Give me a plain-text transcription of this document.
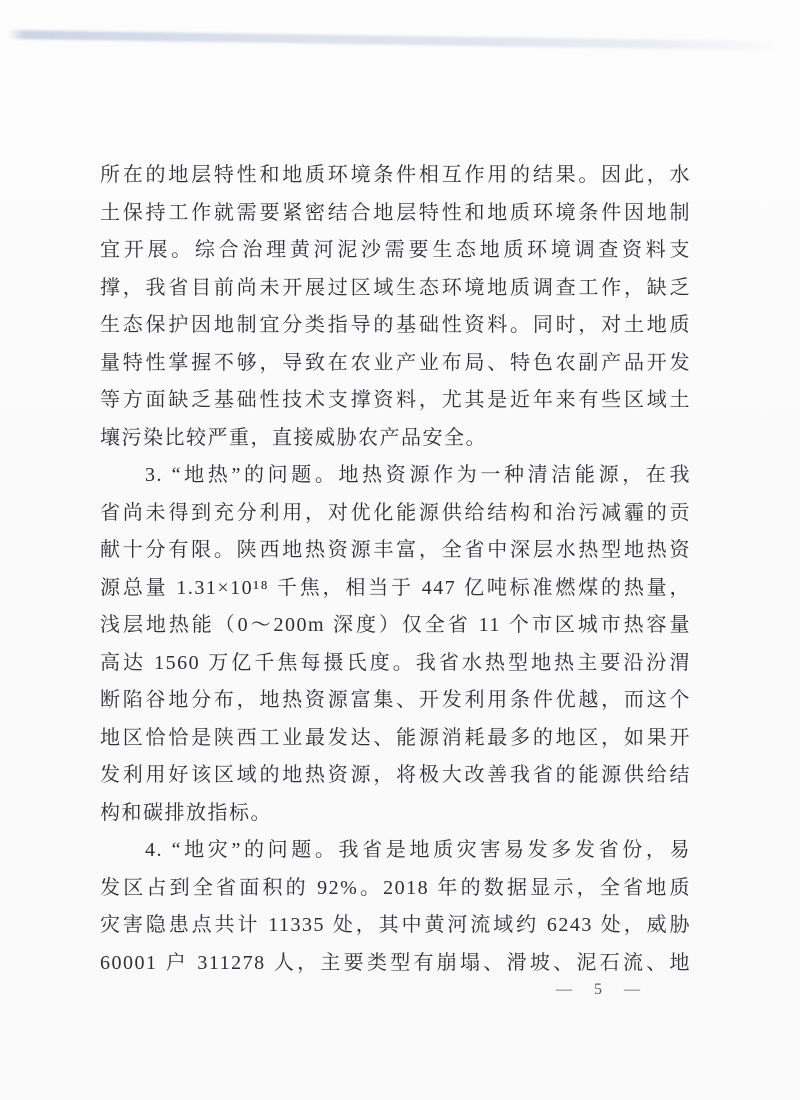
所在的地层特性和地质环境条件相互作用的结果。因此，水
土保持工作就需要紧密结合地层特性和地质环境条件因地制
宜开展。综合治理黄河泥沙需要生态地质环境调查资料支
撑，我省目前尚未开展过区域生态环境地质调查工作，缺乏
生态保护因地制宜分类指导的基础性资料。同时，对土地质
量特性掌握不够，导致在农业产业布局、特色农副产品开发
等方面缺乏基础性技术支撑资料，尤其是近年来有些区域土
壤污染比较严重，直接威胁农产品安全。
3. “地热”的问题。地热资源作为一种清洁能源，在我
省尚未得到充分利用，对优化能源供给结构和治污减霾的贡
献十分有限。陕西地热资源丰富，全省中深层水热型地热资
源总量 1.31×10¹⁸ 千焦，相当于 447 亿吨标准燃煤的热量，
浅层地热能（0～200m 深度）仅全省 11 个市区城市热容量
高达 1560 万亿千焦每摄氏度。我省水热型地热主要沿汾渭
断陷谷地分布，地热资源富集、开发利用条件优越，而这个
地区恰恰是陕西工业最发达、能源消耗最多的地区，如果开
发利用好该区域的地热资源，将极大改善我省的能源供给结
构和碳排放指标。
4. “地灾”的问题。我省是地质灾害易发多发省份，易
发区占到全省面积的 92%。2018 年的数据显示，全省地质
灾害隐患点共计 11335 处，其中黄河流域约 6243 处，威胁
60001 户 311278 人，主要类型有崩塌、滑坡、泥石流、地
— 5 —
